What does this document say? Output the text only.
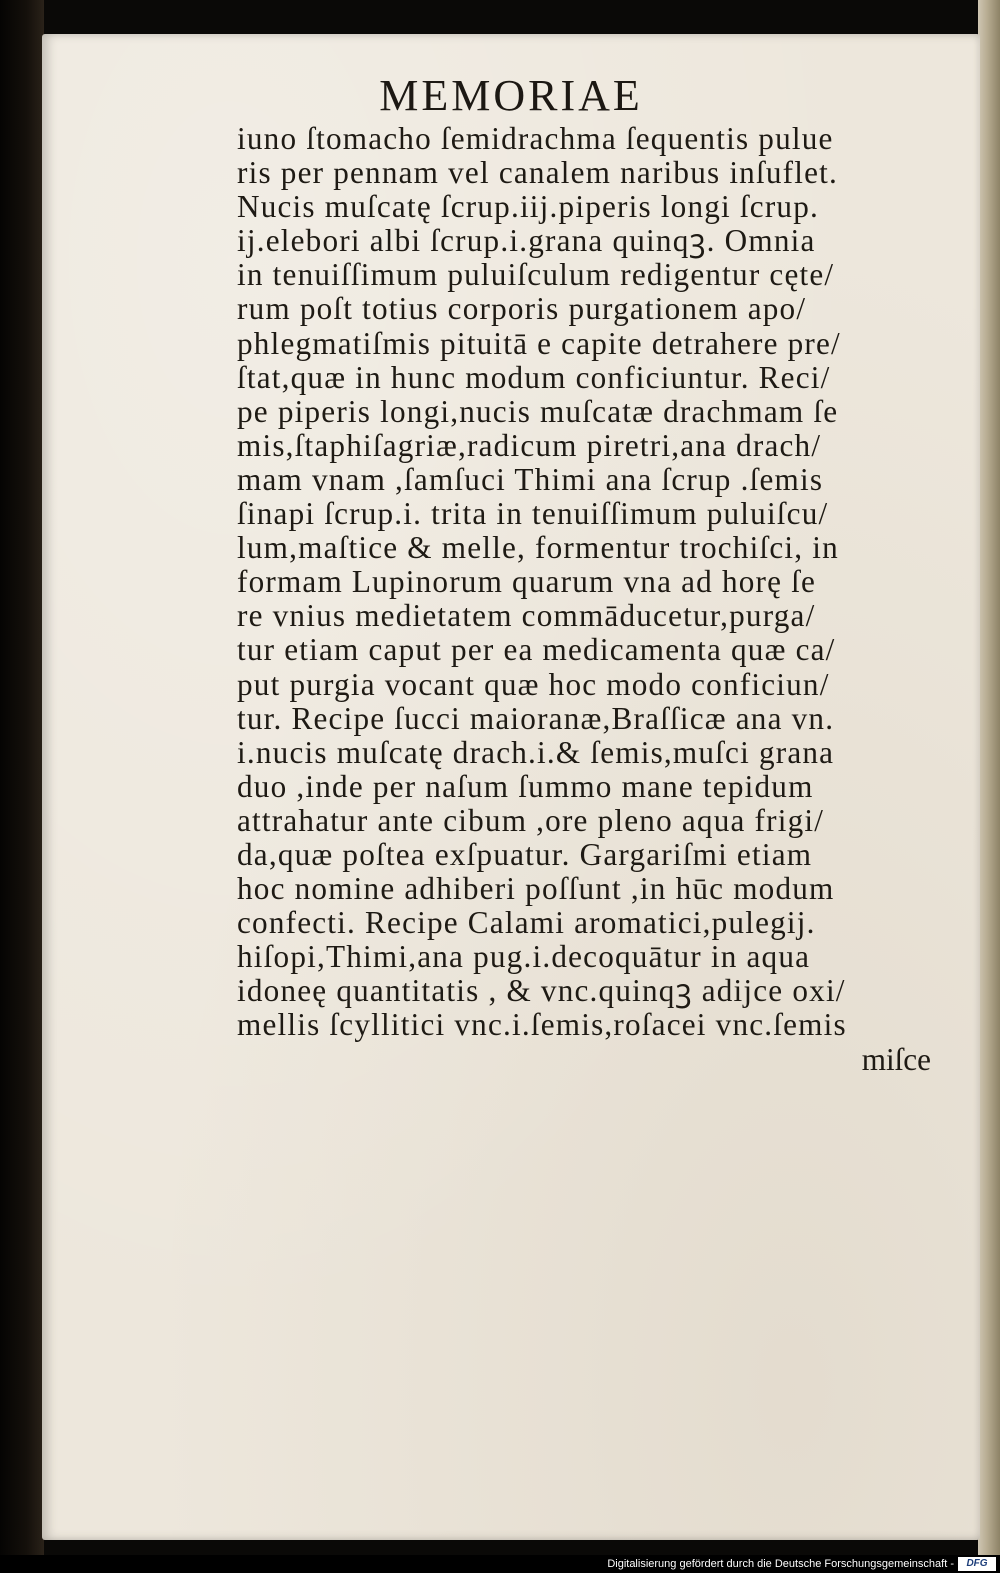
MEMORIAE
iuno ſtomacho ſemidrachma ſequentis pulue
ris per pennam vel canalem naribus inſuflet.
Nucis muſcatę ſcrup.iij.piperis longi ſcrup.
ij.elebori albi ſcrup.i.grana quinqꝫ. Omnia
in tenuiſſimum puluiſculum redigentur cęte/
rum poſt totius corporis purgationem apo/
phlegmatiſmis pituitā e capite detrahere pre/
ſtat,quæ in hunc modum conficiuntur. Reci/
pe piperis longi,nucis muſcatæ drachmam ſe
mis,ſtaphiſagriæ,radicum piretri,ana drach/
mam vnam ,ſamſuci Thimi ana ſcrup .ſemis
ſinapi ſcrup.i. trita in tenuiſſimum puluiſcu/
lum,maſtice & melle, formentur trochiſci, in
formam Lupinorum quarum vna ad horę ſe
re vnius medietatem commāducetur,purga/
tur etiam caput per ea medicamenta quæ ca/
put purgia vocant quæ hoc modo conficiun/
tur. Recipe ſucci maioranæ,Braſſicæ ana vn.
i.nucis muſcatę drach.i.& ſemis,muſci grana
duo ,inde per naſum ſummo mane tepidum
attrahatur ante cibum ,ore pleno aqua frigi/
da,quæ poſtea exſpuatur. Gargariſmi etiam
hoc nomine adhiberi poſſunt ,in hūc modum
confecti. Recipe Calami aromatici,pulegij.
hiſopi,Thimi,ana pug.i.decoquātur in aqua
idoneę quantitatis , & vnc.quinqꝫ adijce oxi/
mellis ſcyllitici vnc.i.ſemis,roſacei vnc.ſemis
miſce
Digitalisierung gefördert durch die Deutsche Forschungsgemeinschaft -	DFG
